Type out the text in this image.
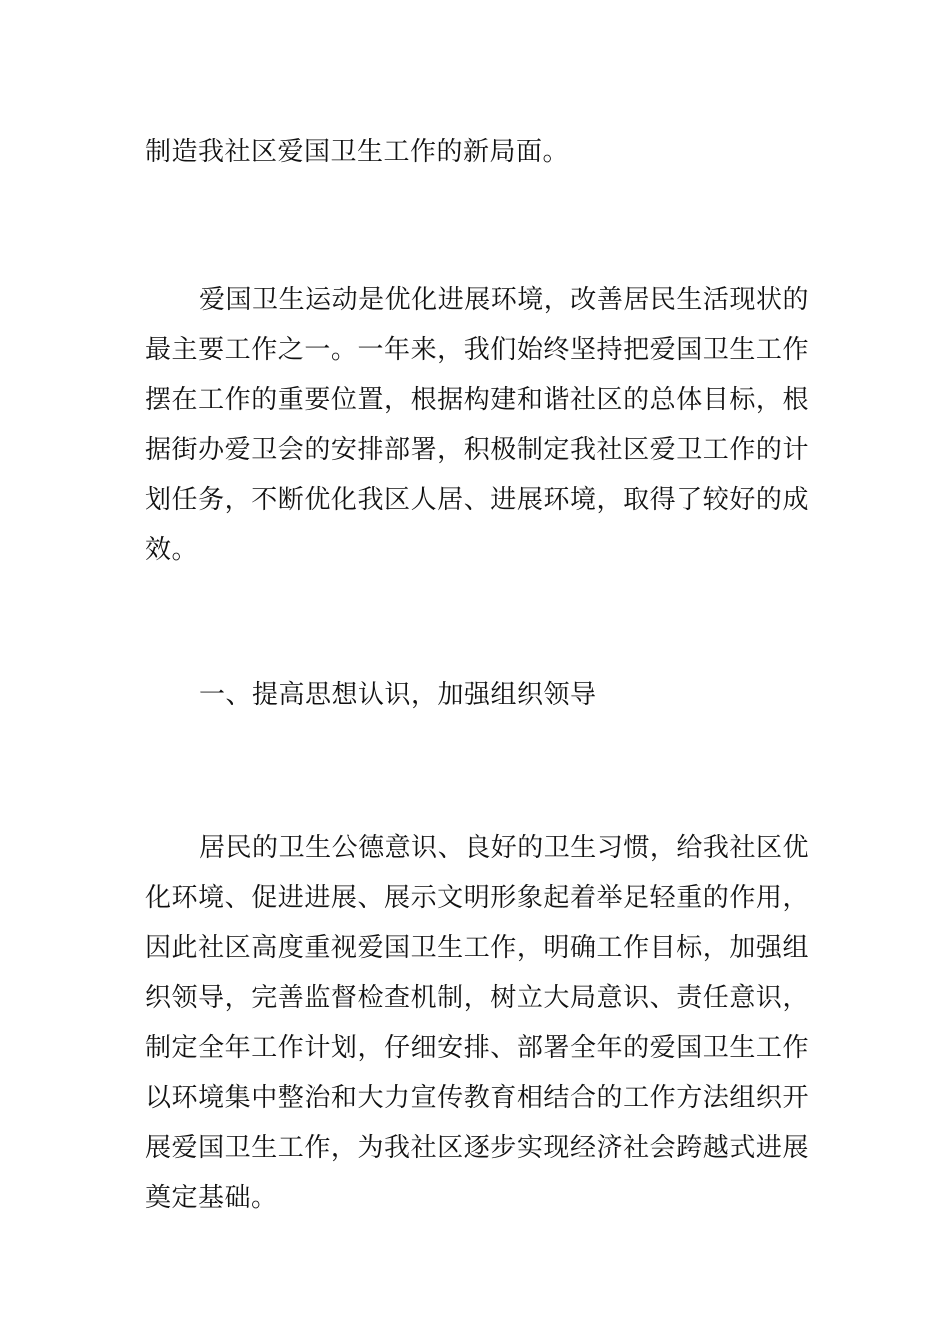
制造我社区爱国卫生工作的新局面。

爱国卫生运动是优化进展环境，改善居民生活现状的最主要工作之一。一年来，我们始终坚持把爱国卫生工作摆在工作的重要位置，根据构建和谐社区的总体目标，根据街办爱卫会的安排部署，积极制定我社区爱卫工作的计划任务，不断优化我区人居、进展环境，取得了较好的成效。

一、提高思想认识，加强组织领导

居民的卫生公德意识、良好的卫生习惯，给我社区优化环境、促进进展、展示文明形象起着举足轻重的作用，因此社区高度重视爱国卫生工作，明确工作目标，加强组织领导，完善监督检查机制，树立大局意识、责任意识，制定全年工作计划，仔细安排、部署全年的爱国卫生工作以环境集中整治和大力宣传教育相结合的工作方法组织开展爱国卫生工作，为我社区逐步实现经济社会跨越式进展奠定基础。
